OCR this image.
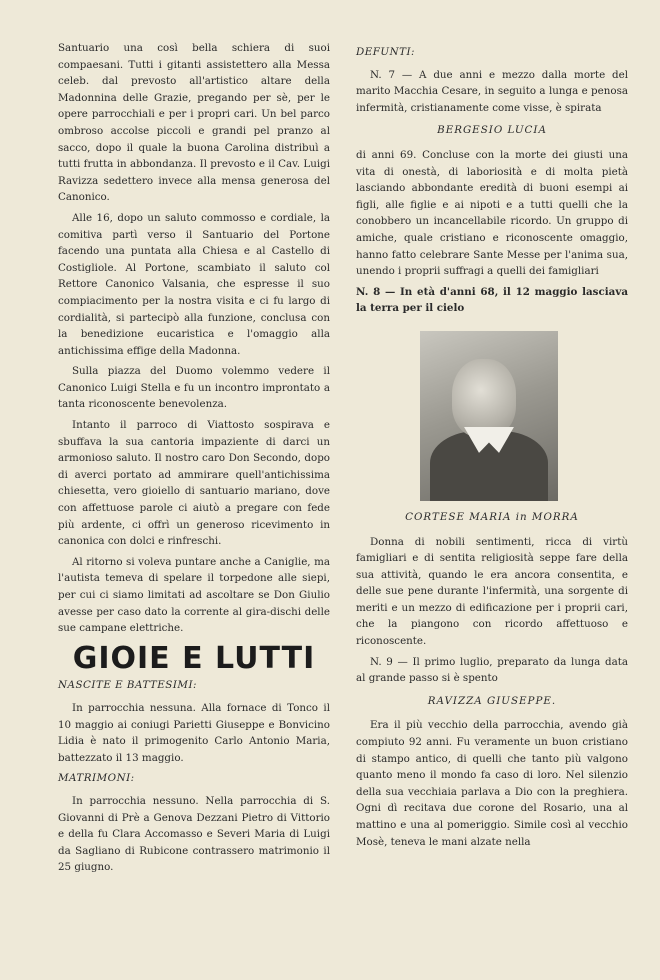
Santuario una così bella schiera di suoi compaesani. Tutti i gitanti assistettero alla Messa celeb. dal prevosto all'artistico altare della Madonnina delle Grazie, pregando per sè, per le opere parrocchiali e per i propri cari. Un bel parco ombroso accolse piccoli e grandi pel pranzo al sacco, dopo il quale la buona Carolina distribuì a tutti frutta in abbondanza. Il prevosto e il Cav. Luigi Ravizza sedettero invece alla mensa generosa del Canonico.

Alle 16, dopo un saluto commosso e cordiale, la comitiva partì verso il Santuario del Portone facendo una puntata alla Chiesa e al Castello di Costigliole. Al Portone, scambiato il saluto col Rettore Canonico Valsania, che espresse il suo compiacimento per la nostra visita e ci fu largo di cordialità, si partecipò alla funzione, conclusa con la benedizione eucaristica e l'omaggio alla antichissima effige della Madonna.

Sulla piazza del Duomo volemmo vedere il Canonico Luigi Stella e fu un incontro improntato a tanta riconoscente benevolenza.

Intanto il parroco di Viattosto sospirava e sbuffava la sua cantoria impaziente di darci un armonioso saluto. Il nostro caro Don Secondo, dopo di averci portato ad ammirare quell'antichissima chiesetta, vero gioiello di santuario mariano, dove con affettuose parole ci aiutò a pregare con fede più ardente, ci offrì un generoso ricevimento in canonica con dolci e rinfreschi.

Al ritorno si voleva puntare anche a Caniglie, ma l'autista temeva di spelare il torpedone alle siepi, per cui ci siamo limitati ad ascoltare se Don Giulio avesse per caso dato la corrente al gira-dischi delle sue campane elettriche.

GIOIE E LUTTI
NASCITE E BATTESIMI:

In parrocchia nessuna. Alla fornace di Tonco il 10 maggio ai coniugi Parietti Giuseppe e Bonvicino Lidia è nato il primogenito Carlo Antonio Maria, battezzato il 13 maggio.

MATRIMONI:

In parrocchia nessuno. Nella parrocchia di S. Giovanni di Prè a Genova Dezzani Pietro di Vittorio e della fu Clara Accomasso e Severi Maria di Luigi da Sagliano di Rubicone contrassero matrimonio il 25 giugno.

DEFUNTI:

N. 7 — A due anni e mezzo dalla morte del marito Macchia Cesare, in seguito a lunga e penosa infermità, cristianamente come visse, è spirata

BERGESIO LUCIA

di anni 69. Concluse con la morte dei giusti una vita di onestà, di laboriosità e di molta pietà lasciando abbondante eredità di buoni esempi ai figli, alle figlie e ai nipoti e a tutti quelli che la conobbero un incancellabile ricordo. Un gruppo di amiche, quale cristiano e riconoscente omaggio, hanno fatto celebrare Sante Messe per l'anima sua, unendo i proprii suffragi a quelli dei famigliari

N. 8 — In età d'anni 68, il 12 maggio lasciava la terra per il cielo

CORTESE MARIA in MORRA

Donna di nobili sentimenti, ricca di virtù famigliari e di sentita religiosità seppe fare della sua attività, quando le era ancora consentita, e delle sue pene durante l'infermità, una sorgente di meriti e un mezzo di edificazione per i proprii cari, che la piangono con ricordo affettuoso e riconoscente.

N. 9 — Il primo luglio, preparato da lunga data al grande passo si è spento

RAVIZZA GIUSEPPE.

Era il più vecchio della parrocchia, avendo già compiuto 92 anni. Fu veramente un buon cristiano di stampo antico, di quelli che tanto più valgono quanto meno il mondo fa caso di loro. Nel silenzio della sua vecchiaia parlava a Dio con la preghiera. Ogni dì recitava due corone del Rosario, una al mattino e una al pomeriggio. Simile così al vecchio Mosè, teneva le mani alzate nella
